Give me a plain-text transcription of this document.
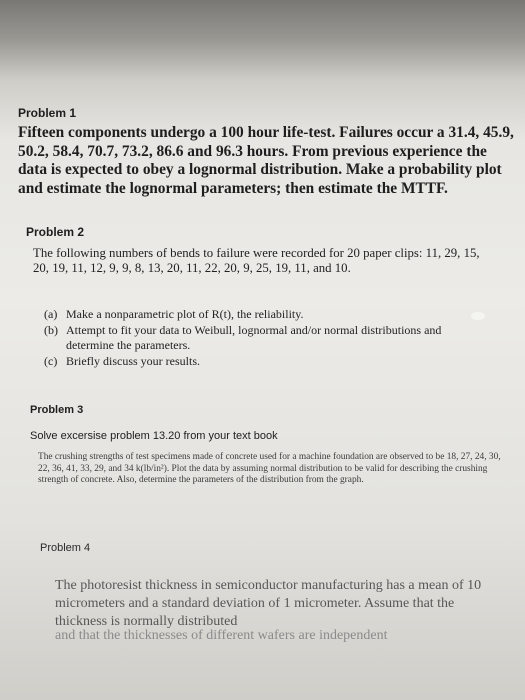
Problem 1
Fifteen components undergo a 100 hour life-test. Failures occur a 31.4, 45.9, 50.2, 58.4, 70.7, 73.2, 86.6 and 96.3 hours. From previous experience the data is expected to obey a lognormal distribution. Make a probability plot and estimate the lognormal parameters; then estimate the MTTF.
Problem 2
The following numbers of bends to failure were recorded for 20 paper clips: 11, 29, 15, 20, 19, 11, 12, 9, 9, 8, 13, 20, 11, 22, 20, 9, 25, 19, 11, and 10.
(a) Make a nonparametric plot of R(t), the reliability.
(b) Attempt to fit your data to Weibull, lognormal and/or normal distributions and determine the parameters.
(c) Briefly discuss your results.
Problem 3
Solve excersise problem 13.20 from your text book
The crushing strengths of test specimens made of concrete used for a machine foundation are observed to be 18, 27, 24, 30, 22, 36, 41, 33, 29, and 34 k(lb/in²). Plot the data by assuming normal distribution to be valid for describing the crushing strength of concrete. Also, determine the parameters of the distribution from the graph.
Problem 4
The photoresist thickness in semiconductor manufacturing has a mean of 10 micrometers and a standard deviation of 1 micrometer. Assume that the thickness is normally distributed
and that the thicknesses of different wafers are independent
